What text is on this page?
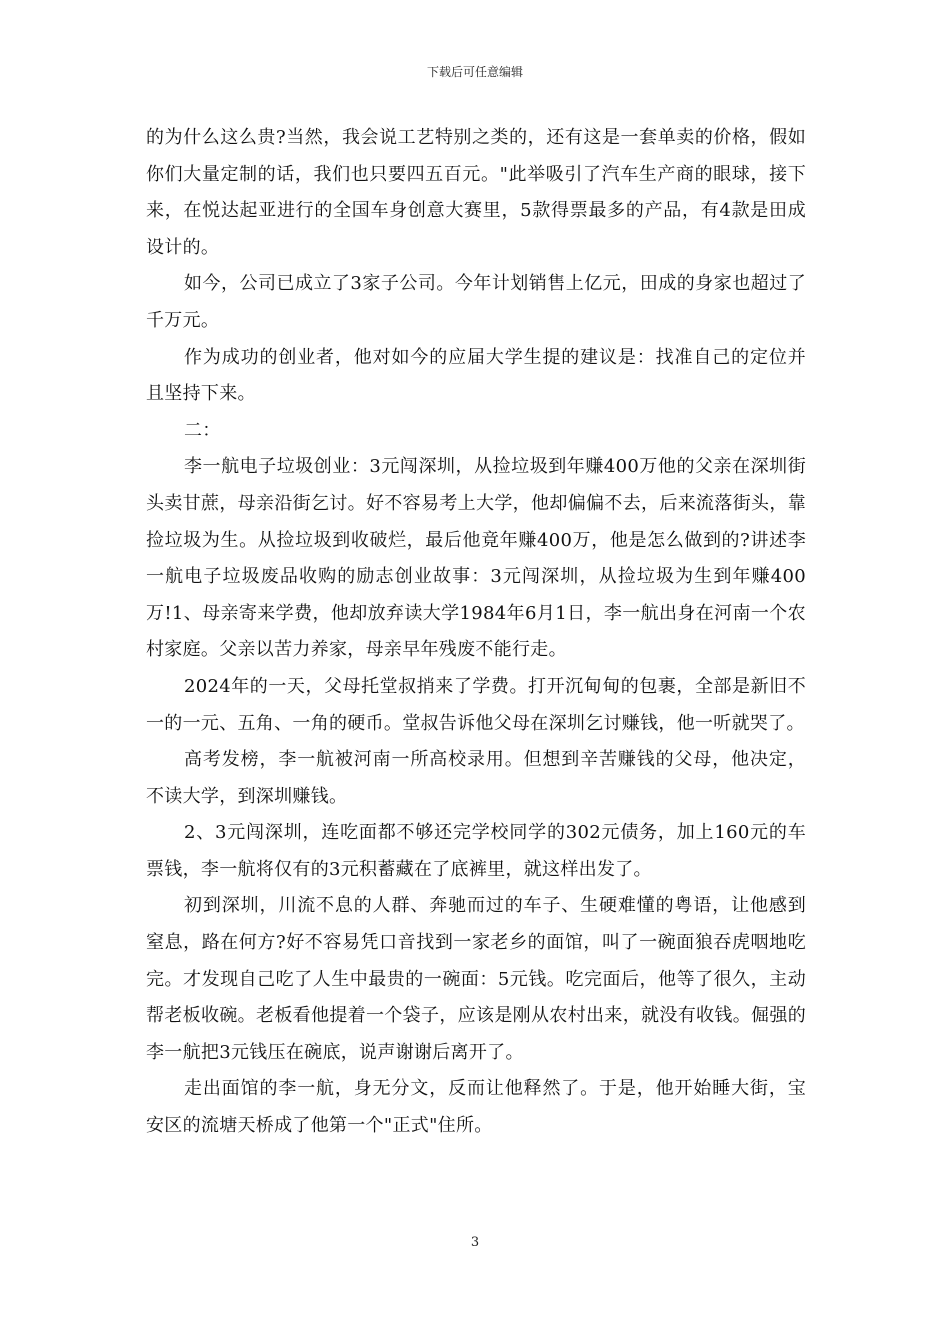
下载后可任意编辑

的为什么这么贵?当然，我会说工艺特别之类的，还有这是一套单卖的价格，假如你们大量定制的话，我们也只要四五百元。"此举吸引了汽车生产商的眼球，接下来，在悦达起亚进行的全国车身创意大赛里，5款得票最多的产品，有4款是田成设计的。

如今，公司已成立了3家子公司。今年计划销售上亿元，田成的身家也超过了千万元。

作为成功的创业者，他对如今的应届大学生提的建议是：找准自己的定位并且坚持下来。

二：

李一航电子垃圾创业：3元闯深圳，从捡垃圾到年赚400万他的父亲在深圳街头卖甘蔗，母亲沿街乞讨。好不容易考上大学，他却偏偏不去，后来流落街头，靠捡垃圾为生。从捡垃圾到收破烂，最后他竟年赚400万，他是怎么做到的?讲述李一航电子垃圾废品收购的励志创业故事：3元闯深圳，从捡垃圾为生到年赚400万!1、母亲寄来学费，他却放弃读大学1984年6月1日，李一航出身在河南一个农村家庭。父亲以苦力养家，母亲早年残废不能行走。

2024年的一天，父母托堂叔捎来了学费。打开沉甸甸的包裹，全部是新旧不一的一元、五角、一角的硬币。堂叔告诉他父母在深圳乞讨赚钱，他一听就哭了。

高考发榜，李一航被河南一所高校录用。但想到辛苦赚钱的父母，他决定，不读大学，到深圳赚钱。

2、3元闯深圳，连吃面都不够还完学校同学的302元债务，加上160元的车票钱，李一航将仅有的3元积蓄藏在了底裤里，就这样出发了。

初到深圳，川流不息的人群、奔驰而过的车子、生硬难懂的粤语，让他感到窒息，路在何方?好不容易凭口音找到一家老乡的面馆，叫了一碗面狼吞虎咽地吃完。才发现自己吃了人生中最贵的一碗面：5元钱。吃完面后，他等了很久，主动帮老板收碗。老板看他提着一个袋子，应该是刚从农村出来，就没有收钱。倔强的李一航把3元钱压在碗底，说声谢谢后离开了。

走出面馆的李一航，身无分文，反而让他释然了。于是，他开始睡大街，宝安区的流塘天桥成了他第一个"正式"住所。

3
